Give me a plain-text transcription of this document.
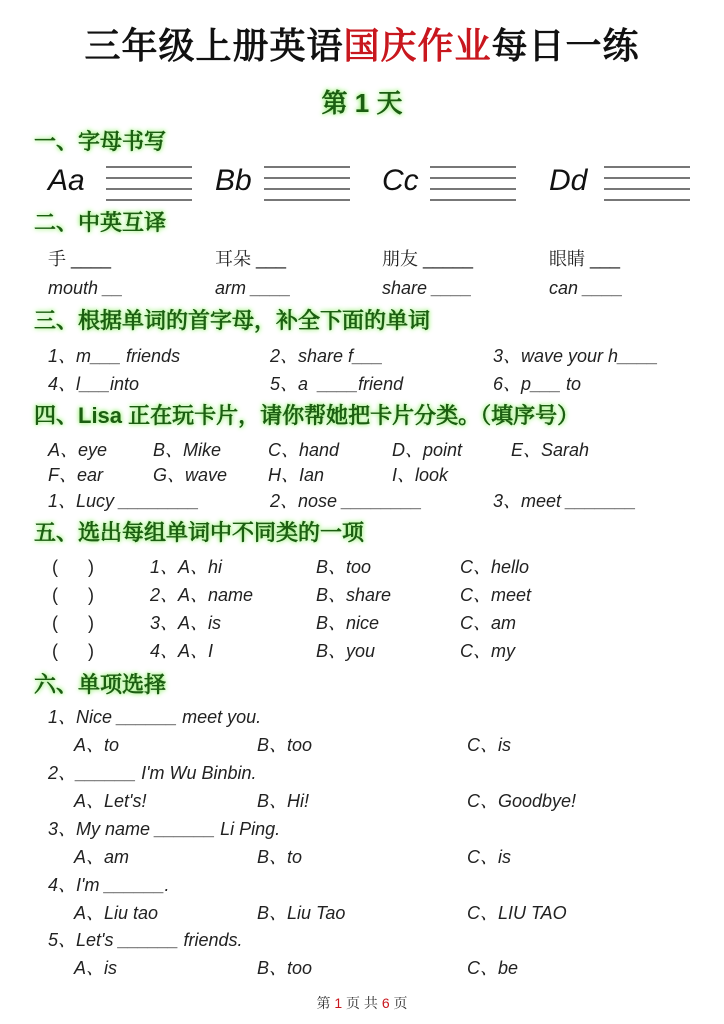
三年级上册英语国庆作业每日一练
第 1 天
一、字母书写
Aa	Bb	Cc	Dd
二、中英互译
手 ____	耳朵 ___	朋友 _____	眼睛 ___
mouth __	arm ____	share ____	can ____
三、根据单词的首字母，补全下面的单词
1、m___ friends	2、share f___	3、wave your h____
4、l___into	5、a  ____friend	6、p___ to
四、Lisa 正在玩卡片，请你帮她把卡片分类。（填序号）
A、eye	B、Mike	C、hand	D、point	E、Sarah
F、ear	G、wave H、Ian	I、look
1、Lucy ________	2、nose ________	3、meet _______
五、选出每组单词中不同类的一项
(      )	1、A、hi	B、too	C、hello
(      )	2、A、name	B、share	C、meet
(      )	3、A、is	B、nice	C、am
(      )	4、A、I	B、you	C、my
六、单项选择
1、Nice ______ meet you.
A、to	B、too	C、is
2、______ I'm Wu Binbin.
A、Let's!	B、Hi!	C、Goodbye!
3、My name ______ Li Ping.
A、am	B、to	C、is
4、I'm ______.
A、Liu tao	B、Liu Tao	C、LIU TAO
5、Let's ______ friends.
A、is	B、too	C、be
第 1 页 共 6 页
